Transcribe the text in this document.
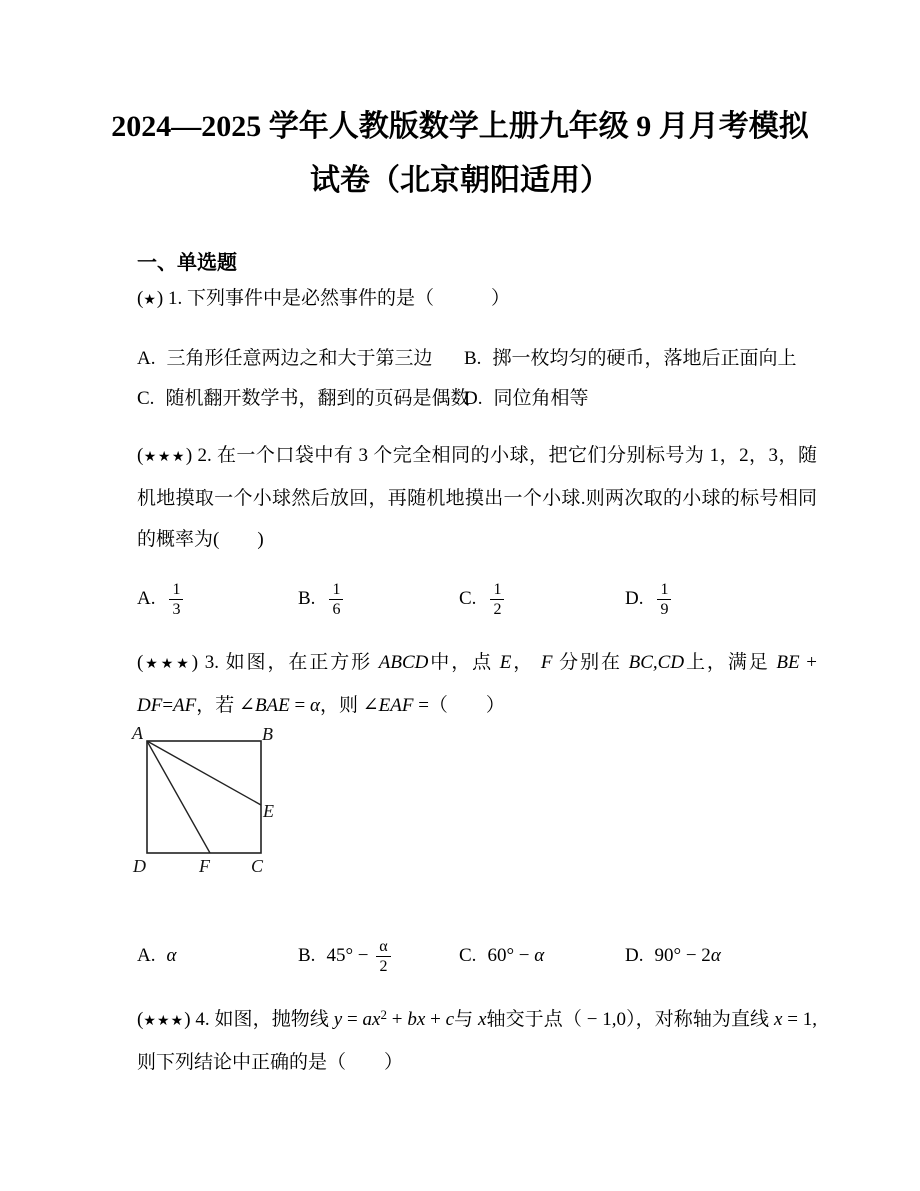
2024—2025 学年人教版数学上册九年级 9 月月考模拟
试卷（北京朝阳适用）
一、单选题

(★) 1. 下列事件中是必然事件的是（　　　）

A. 三角形任意两边之和大于第三边	B. 掷一枚均匀的硬币，落地后正面向上
C. 随机翻开数学书，翻到的页码是偶数
D. 同位角相等

(★★★) 2. 在一个口袋中有 3 个完全相同的小球，把它们分别标号为 1，2，3，随机地摸取一个小球然后放回，再随机地摸出一个小球.则两次取的小球的标号相同的概率为(　　)

A. $\frac{1}{3}$	B. $\frac{1}{6}$	C. $\frac{1}{2}$	D. $\frac{1}{9}$

(★★★) 3. 如图，在正方形 ABCD中，点 E， F 分别在 BC,CD上，满足 BE + DF=AF，若 ∠BAE = α，则 ∠EAF =（　　）

A	B
E
D	F C
A. α	B. $45^\circ - \frac{\alpha}{2}$	C. 60° − α	D. 90° − 2α

(★★★) 4. 如图，抛物线 $y = ax^2$ + bx + c与 x轴交于点（ − 1,0），对称轴为直线 x = 1,则下列结论中正确的是（　　）
